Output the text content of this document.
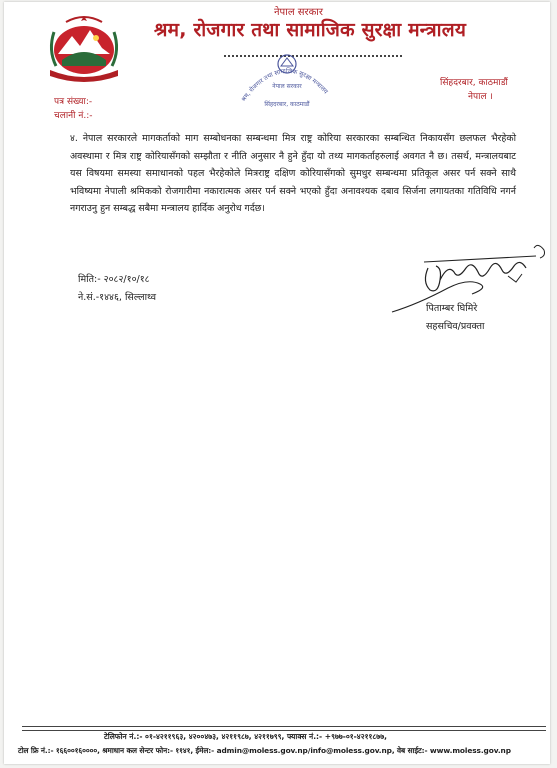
नेपाल सरकार

श्रम, रोजगार तथा सामाजिक सुरक्षा मन्त्रालय
श्रम, रोजगार तथा सामाजिक सुरक्षा मन्त्रालय
नेपाल सरकार
सिंहदरबार, काठमाडौं
सिंहदरबार, काठमाडौं
नेपाल ।
पत्र संख्या:-
चलानी नं.:-

४. नेपाल सरकारले मागकर्ताको माग सम्बोधनका सम्बन्धमा मित्र राष्ट्र कोरिया सरकारका सम्बन्धित निकायसँग छलफल भैरहेको अवस्थामा र मित्र राष्ट्र कोरियासँगको सम्झौता र नीति अनुसार नै हुने हुँदा यो तथ्य मागकर्ताहरुलाई अवगत नै छ। तसर्थ, मन्त्रालयबाट यस विषयमा समस्या समाधानको पहल भैरहेकोले मित्रराष्ट्र दक्षिण कोरियासँगको सुमधुर सम्बन्धमा प्रतिकूल असर पर्न सक्ने साथै भविष्यमा नेपाली श्रमिकको रोजगारीमा नकारात्मक असर पर्न सक्ने भएको हुँदा अनावश्यक दबाव सिर्जना लगायतका गतिविधि नगर्न नगराउनु हुन सम्बद्ध सबैमा मन्त्रालय हार्दिक अनुरोध गर्दछ।

मिति:- २०८२/१०/१८
ने.सं.-१४४६, सिल्लाथ्व
पिताम्बर घिमिरे
सहसचिव/प्रवक्ता
टेलिफोन नं.:- ०१-४२११९६३, ४२००४७३, ४२११९८७, ४२११७९९, फ्याक्स नं.:- +९७७-०१-४२११८७७,
टोल फ्रि नं.:- १६६००१६००००, श्रमाधान कल सेन्टर फोन:- ११४१, ईमेल:- admin@moless.gov.np/info@moless.gov.np, वेब साईट:- www.moless.gov.np
